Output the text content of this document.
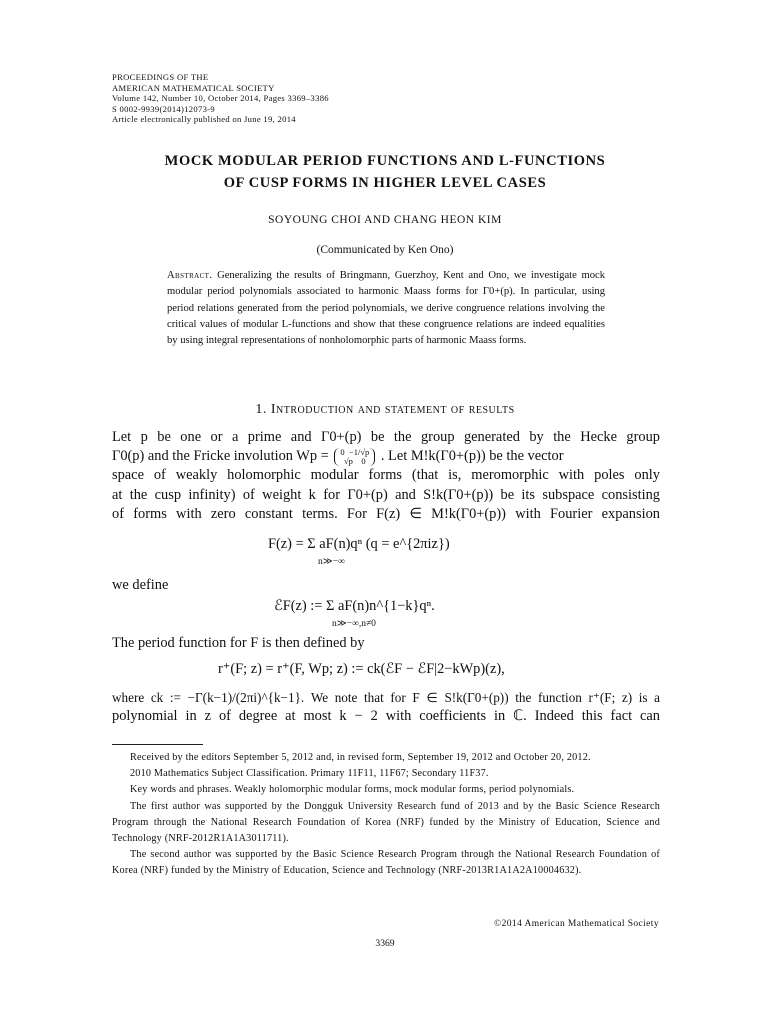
PROCEEDINGS OF THE
AMERICAN MATHEMATICAL SOCIETY
Volume 142, Number 10, October 2014, Pages 3369–3386
S 0002-9939(2014)12073-9
Article electronically published on June 19, 2014
MOCK MODULAR PERIOD FUNCTIONS AND L-FUNCTIONS
OF CUSP FORMS IN HIGHER LEVEL CASES
SOYOUNG CHOI AND CHANG HEON KIM
(Communicated by Ken Ono)
Abstract. Generalizing the results of Bringmann, Guerzhoy, Kent and Ono, we investigate mock modular period polynomials associated to harmonic Maass forms for Γ0+(p). In particular, using period relations generated from the period polynomials, we derive congruence relations involving the critical values of modular L-functions and show that these congruence relations are indeed equalities by using integral representations of nonholomorphic parts of harmonic Maass forms.
1. Introduction and statement of results
Let p be one or a prime and Γ0+(p) be the group generated by the Hecke group
Γ0(p) and the Fricke involution Wp = 0  −1/√p
√p    0 . Let M!k(Γ0+(p)) be the vector
space of weakly holomorphic modular forms (that is, meromorphic with poles only
at the cusp infinity) of weight k for Γ0+(p) and S!k(Γ0+(p)) be its subspace consisting
of forms with zero constant terms. For F(z) ∈ M!k(Γ0+(p)) with Fourier expansion
F(z) = Σ aF(n)qⁿ (q = e^{2πiz})
n≫−∞
we define
ℰF(z) := Σ aF(n)n^{1−k}qⁿ.
n≫−∞,n≠0
The period function for F is then defined by
r⁺(F; z) = r⁺(F, Wp; z) := ck(ℰF − ℰF|2−kWp)(z),
where ck := −Γ(k−1)/(2πi)^{k−1}. We note that for F ∈ S!k(Γ0+(p)) the function r⁺(F; z) is a
polynomial in z of degree at most k − 2 with coefficients in ℂ. Indeed this fact can

Received by the editors September 5, 2012 and, in revised form, September 19, 2012 and October 20, 2012.

2010 Mathematics Subject Classification. Primary 11F11, 11F67; Secondary 11F37.

Key words and phrases. Weakly holomorphic modular forms, mock modular forms, period polynomials.

The first author was supported by the Dongguk University Research fund of 2013 and by the Basic Science Research Program through the National Research Foundation of Korea (NRF) funded by the Ministry of Education, Science and Technology (NRF-2012R1A1A3011711).

The second author was supported by the Basic Science Research Program through the National Research Foundation of Korea (NRF) funded by the Ministry of Education, Science and Technology (NRF-2013R1A1A2A10004632).

©2014 American Mathematical Society
3369
